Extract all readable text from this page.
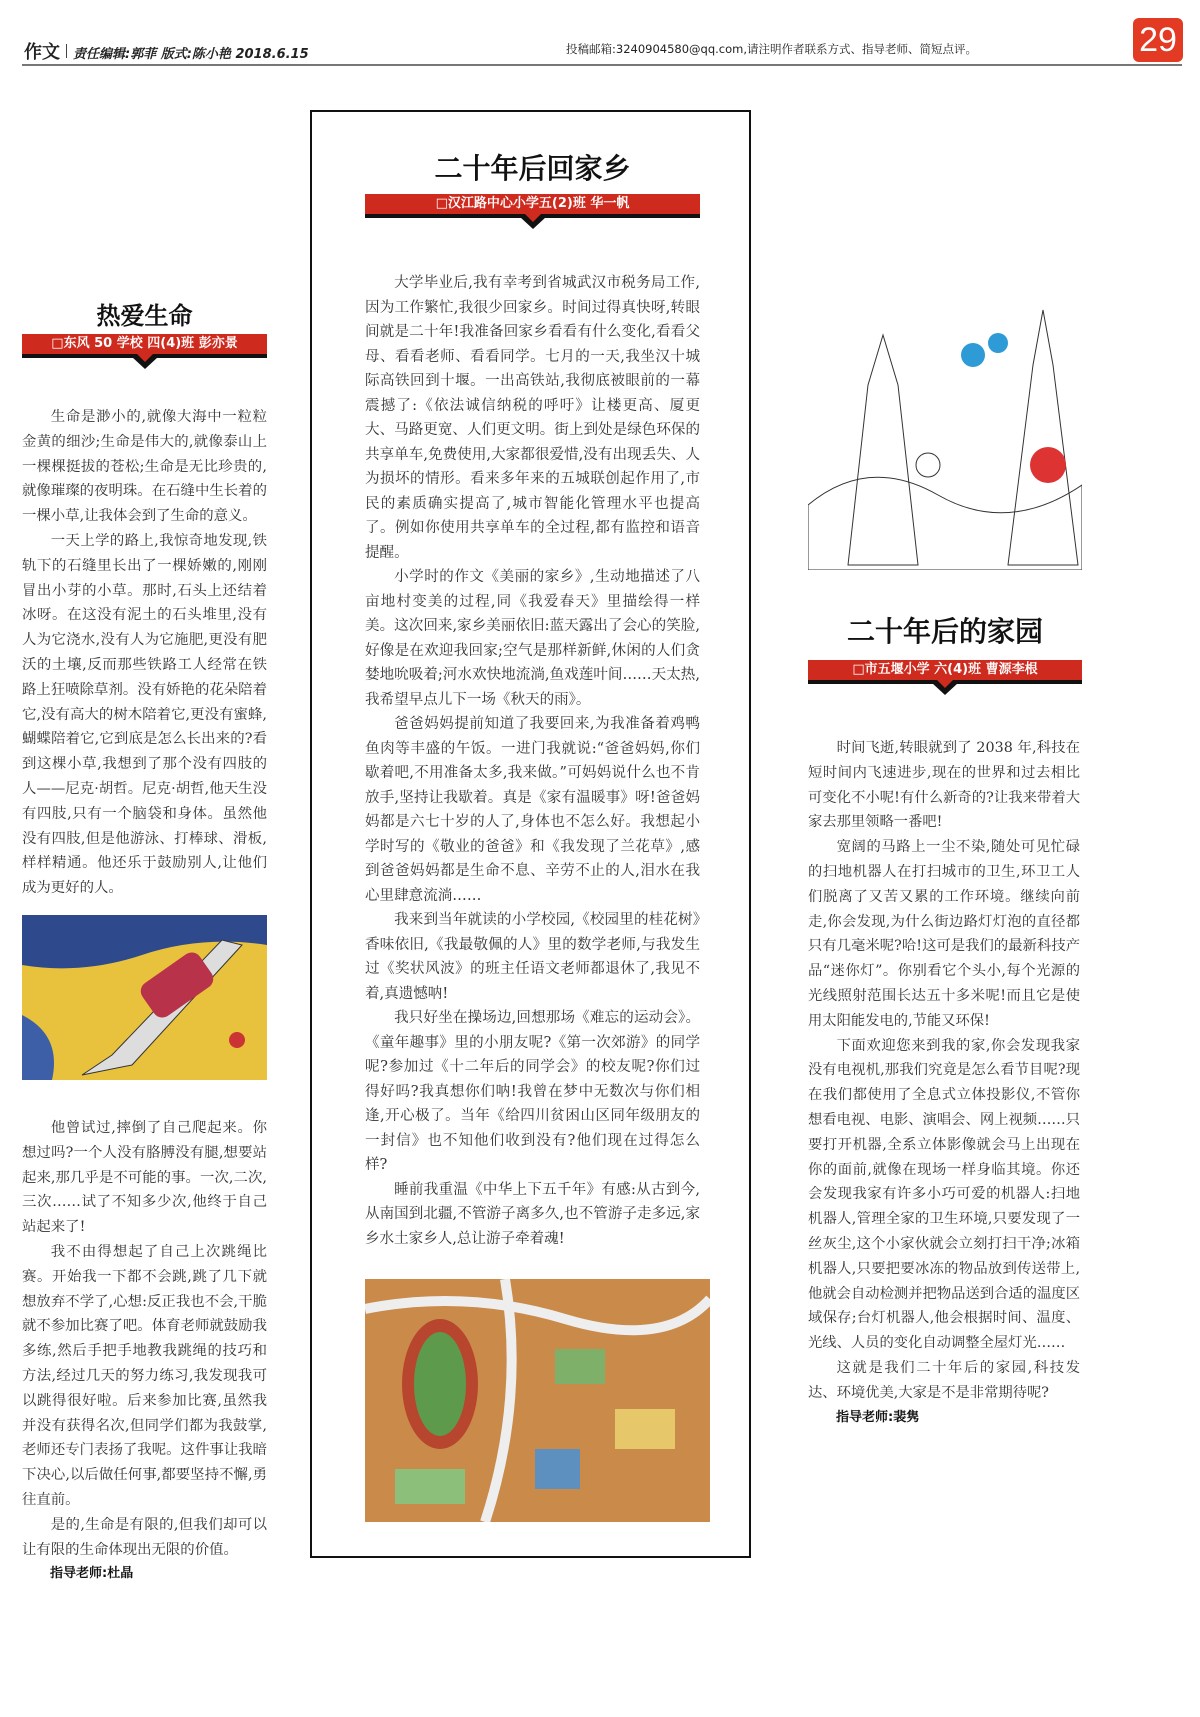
作文 责任编辑:郭菲 版式:陈小艳 2018.6.15	投稿邮箱:3240904580@qq.com,请注明作者联系方式、指导老师、简短点评。	29
热爱生命
□东风 50 学校 四(4)班 彭亦景

生命是渺小的,就像大海中一粒粒金黄的细沙;生命是伟大的,就像泰山上一棵棵挺拔的苍松;生命是无比珍贵的,就像璀璨的夜明珠。在石缝中生长着的一棵小草,让我体会到了生命的意义。

一天上学的路上,我惊奇地发现,铁轨下的石缝里长出了一棵娇嫩的,刚刚冒出小芽的小草。那时,石头上还结着冰呀。在这没有泥土的石头堆里,没有人为它浇水,没有人为它施肥,更没有肥沃的土壤,反而那些铁路工人经常在铁路上狂喷除草剂。没有娇艳的花朵陪着它,没有高大的树木陪着它,更没有蜜蜂,蝴蝶陪着它,它到底是怎么长出来的?看到这棵小草,我想到了那个没有四肢的人——尼克·胡哲。尼克·胡哲,他天生没有四肢,只有一个脑袋和身体。虽然他没有四肢,但是他游泳、打棒球、滑板,样样精通。他还乐于鼓励别人,让他们成为更好的人。

他曾试过,摔倒了自己爬起来。你想过吗?一个人没有胳膊没有腿,想要站起来,那几乎是不可能的事。一次,二次,三次……试了不知多少次,他终于自己站起来了!

我不由得想起了自己上次跳绳比赛。开始我一下都不会跳,跳了几下就想放弃不学了,心想:反正我也不会,干脆就不参加比赛了吧。体育老师就鼓励我多练,然后手把手地教我跳绳的技巧和方法,经过几天的努力练习,我发现我可以跳得很好啦。后来参加比赛,虽然我并没有获得名次,但同学们都为我鼓掌,老师还专门表扬了我呢。这件事让我暗下决心,以后做任何事,都要坚持不懈,勇往直前。

是的,生命是有限的,但我们却可以让有限的生命体现出无限的价值。

指导老师:杜晶
二十年后回家乡
□汉江路中心小学五(2)班 华一帆

大学毕业后,我有幸考到省城武汉市税务局工作,因为工作繁忙,我很少回家乡。时间过得真快呀,转眼间就是二十年!我准备回家乡看看有什么变化,看看父母、看看老师、看看同学。七月的一天,我坐汉十城际高铁回到十堰。一出高铁站,我彻底被眼前的一幕震撼了:《依法诚信纳税的呼吁》让楼更高、厦更大、马路更宽、人们更文明。街上到处是绿色环保的共享单车,免费使用,大家都很爱惜,没有出现丢失、人为损坏的情形。看来多年来的五城联创起作用了,市民的素质确实提高了,城市智能化管理水平也提高了。例如你使用共享单车的全过程,都有监控和语音提醒。

小学时的作文《美丽的家乡》,生动地描述了八亩地村变美的过程,同《我爱春天》里描绘得一样美。这次回来,家乡美丽依旧:蓝天露出了会心的笑脸,好像是在欢迎我回家;空气是那样新鲜,休闲的人们贪婪地吮吸着;河水欢快地流淌,鱼戏莲叶间……天太热,我希望早点儿下一场《秋天的雨》。

爸爸妈妈提前知道了我要回来,为我准备着鸡鸭鱼肉等丰盛的午饭。一进门我就说:“爸爸妈妈,你们歇着吧,不用准备太多,我来做。”可妈妈说什么也不肯放手,坚持让我歇着。真是《家有温暖事》呀!爸爸妈妈都是六七十岁的人了,身体也不怎么好。我想起小学时写的《敬业的爸爸》和《我发现了兰花草》,感到爸爸妈妈都是生命不息、辛劳不止的人,泪水在我心里肆意流淌……

我来到当年就读的小学校园,《校园里的桂花树》香味依旧,《我最敬佩的人》里的数学老师,与我发生过《奖状风波》的班主任语文老师都退休了,我见不着,真遗憾呐!

我只好坐在操场边,回想那场《难忘的运动会》。《童年趣事》里的小朋友呢?《第一次郊游》的同学呢?参加过《十二年后的同学会》的校友呢?你们过得好吗?我真想你们呐!我曾在梦中无数次与你们相逢,开心极了。当年《给四川贫困山区同年级朋友的一封信》也不知他们收到没有?他们现在过得怎么样?

睡前我重温《中华上下五千年》有感:从古到今,从南国到北疆,不管游子离多久,也不管游子走多远,家乡水土家乡人,总让游子牵着魂!

二十年后的家园
□市五堰小学 六(4)班 曹源李根

时间飞逝,转眼就到了 2038 年,科技在短时间内飞速进步,现在的世界和过去相比可变化不小呢!有什么新奇的?让我来带着大家去那里领略一番吧!

宽阔的马路上一尘不染,随处可见忙碌的扫地机器人在打扫城市的卫生,环卫工人们脱离了又苦又累的工作环境。继续向前走,你会发现,为什么街边路灯灯泡的直径都只有几毫米呢?哈!这可是我们的最新科技产品“迷你灯”。你别看它个头小,每个光源的光线照射范围长达五十多米呢!而且它是使用太阳能发电的,节能又环保!

下面欢迎您来到我的家,你会发现我家没有电视机,那我们究竟是怎么看节目呢?现在我们都使用了全息式立体投影仪,不管你想看电视、电影、演唱会、网上视频……只要打开机器,全系立体影像就会马上出现在你的面前,就像在现场一样身临其境。你还会发现我家有许多小巧可爱的机器人:扫地机器人,管理全家的卫生环境,只要发现了一丝灰尘,这个小家伙就会立刻打扫干净;冰箱机器人,只要把要冰冻的物品放到传送带上,他就会自动检测并把物品送到合适的温度区域保存;台灯机器人,他会根据时间、温度、光线、人员的变化自动调整全屋灯光……

这就是我们二十年后的家园,科技发达、环境优美,大家是不是非常期待呢?

指导老师:裴隽
